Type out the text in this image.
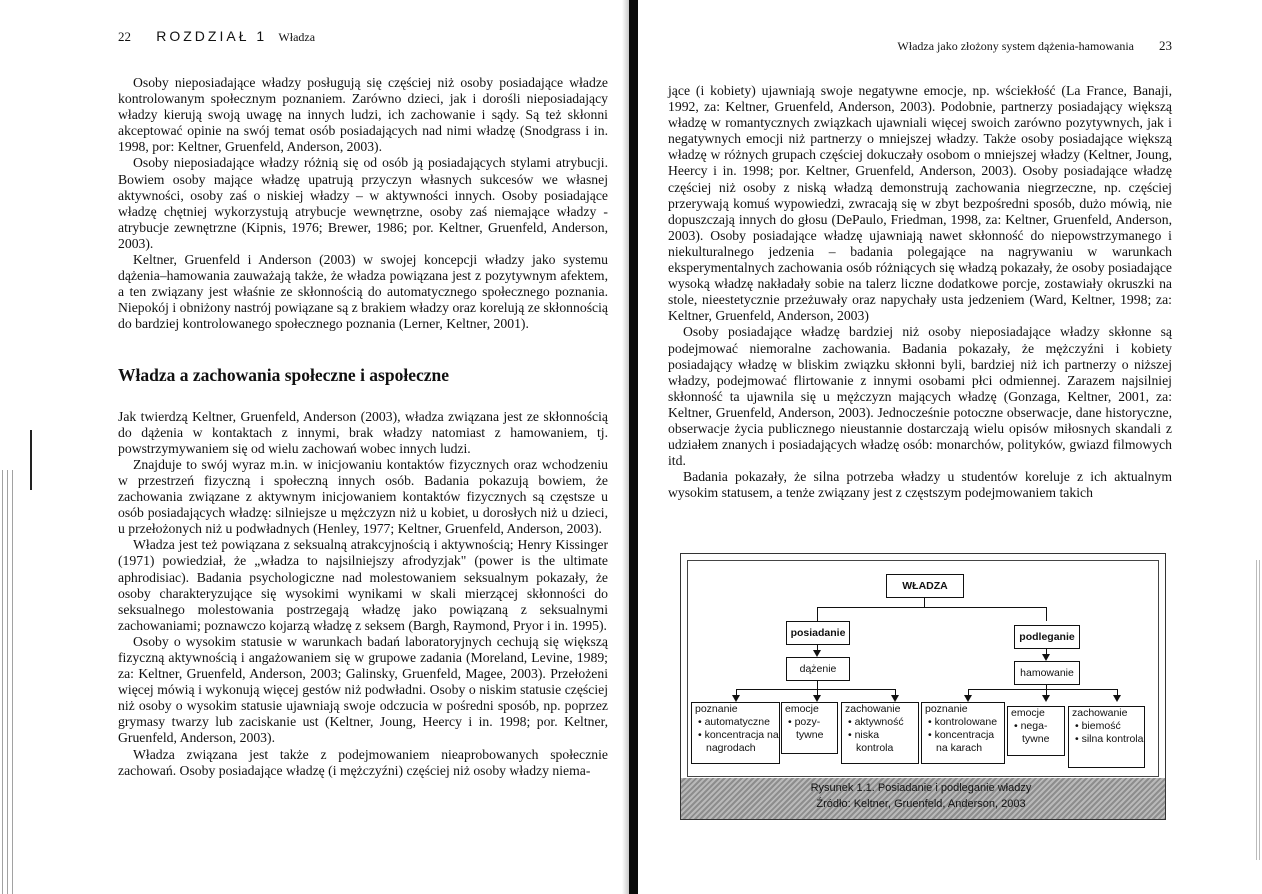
22 ROZDZIAŁ 1 Władza
Władza jako złożony system dążenia-hamowania 23

Osoby nieposiadające władzy posługują się częściej niż osoby posiadające władze kontrolowanym społecznym poznaniem. Zarówno dzieci, jak i dorośli nieposiadający władzy kierują swoją uwagę na innych ludzi, ich zachowanie i sądy. Są też skłonni akceptować opinie na swój temat osób posiadających nad nimi władzę (Snodgrass i in. 1998, por: Keltner, Gruenfeld, Anderson, 2003).

Osoby nieposiadające władzy różnią się od osób ją posiadających stylami atrybucji. Bowiem osoby mające władzę upatrują przyczyn własnych sukcesów we własnej aktywności, osoby zaś o niskiej władzy – w aktywności innych. Osoby posiadające władzę chętniej wykorzystują atrybucje wewnętrzne, osoby zaś niemające władzy - atrybucje zewnętrzne (Kipnis, 1976; Brewer, 1986; por. Keltner, Gruenfeld, Anderson, 2003).

Keltner, Gruenfeld i Anderson (2003) w swojej koncepcji władzy jako systemu dążenia–hamowania zauważają także, że władza powiązana jest z pozytywnym afektem, a ten związany jest właśnie ze skłonnością do automatycznego społecznego poznania. Niepokój i obniżony nastrój powiązane są z brakiem władzy oraz korelują ze skłonnością do bardziej kontrolowanego społecznego poznania (Lerner, Keltner, 2001).

Władza a zachowania społeczne i aspołeczne

Jak twierdzą Keltner, Gruenfeld, Anderson (2003), władza związana jest ze skłonnością do dążenia w kontaktach z innymi, brak władzy natomiast z hamowaniem, tj. powstrzymywaniem się od wielu zachowań wobec innych ludzi.

Znajduje to swój wyraz m.in. w inicjowaniu kontaktów fizycznych oraz wchodzeniu w przestrzeń fizyczną i społeczną innych osób. Badania pokazują bowiem, że zachowania związane z aktywnym inicjowaniem kontaktów fizycznych są częstsze u osób posiadających władzę: silniejsze u mężczyzn niż u kobiet, u dorosłych niż u dzieci, u przełożonych niż u podwładnych (Henley, 1977; Keltner, Gruenfeld, Anderson, 2003).

Władza jest też powiązana z seksualną atrakcyjnością i aktywnością; Henry Kissinger (1971) powiedział, że „władza to najsilniejszy afrodyzjak" (power is the ultimate aphrodisiac). Badania psychologiczne nad molestowaniem seksualnym pokazały, że osoby charakteryzujące się wysokimi wynikami w skali mierzącej skłonności do seksualnego molestowania postrzegają władzę jako powiązaną z seksualnymi zachowaniami; poznawczo kojarzą władzę z seksem (Bargh, Raymond, Pryor i in. 1995).

Osoby o wysokim statusie w warunkach badań laboratoryjnych cechują się większą fizyczną aktywnością i angażowaniem się w grupowe zadania (Moreland, Levine, 1989; za: Keltner, Gruenfeld, Anderson, 2003; Galinsky, Gruenfeld, Magee, 2003). Przełożeni więcej mówią i wykonują więcej gestów niż podwładni. Osoby o niskim statusie częściej niż osoby o wysokim statusie ujawniają swoje odczucia w pośredni sposób, np. poprzez grymasy twarzy lub zaciskanie ust (Keltner, Joung, Heercy i in. 1998; por. Keltner, Gruenfeld, Anderson, 2003).

Władza związana jest także z podejmowaniem nieaprobowanych społecznie zachowań. Osoby posiadające władzę (i mężczyźni) częściej niż osoby władzy niema-

jące (i kobiety) ujawniają swoje negatywne emocje, np. wściekłość (La France, Banaji, 1992, za: Keltner, Gruenfeld, Anderson, 2003). Podobnie, partnerzy posiadający większą władzę w romantycznych związkach ujawniali więcej swoich zarówno pozytywnych, jak i negatywnych emocji niż partnerzy o mniejszej władzy. Także osoby posiadające większą władzę w różnych grupach częściej dokuczały osobom o mniejszej władzy (Keltner, Joung, Heercy i in. 1998; por. Keltner, Gruenfeld, Anderson, 2003). Osoby posiadające władzę częściej niż osoby z niską władzą demonstrują zachowania niegrzeczne, np. częściej przerywają komuś wypowiedzi, zwracają się w zbyt bezpośredni sposób, dużo mówią, nie dopuszczają innych do głosu (DePaulo, Friedman, 1998, za: Keltner, Gruenfeld, Anderson, 2003). Osoby posiadające władzę ujawniają nawet skłonność do niepowstrzymanego i niekulturalnego jedzenia – badania polegające na nagrywaniu w warunkach eksperymentalnych zachowania osób różniących się władzą pokazały, że osoby posiadające wysoką władzę nakładały sobie na talerz liczne dodatkowe porcje, zostawiały okruszki na stole, nieestetycznie przeżuwały oraz napychały usta jedzeniem (Ward, Keltner, 1998; za: Keltner, Gruenfeld, Anderson, 2003)

Osoby posiadające władzę bardziej niż osoby nieposiadające władzy skłonne są podejmować niemoralne zachowania. Badania pokazały, że mężczyźni i kobiety posiadający władzę w bliskim związku skłonni byli, bardziej niż ich partnerzy o niższej władzy, podejmować flirtowanie z innymi osobami płci odmiennej. Zarazem najsilniej skłonność ta ujawnila się u mężczyzn mających władzę (Gonzaga, Keltner, 2001, za: Keltner, Gruenfeld, Anderson, 2003). Jednocześnie potoczne obserwacje, dane historyczne, obserwacje życia publicznego nieustannie dostarczają wielu opisów miłosnych skandali z udziałem znanych i posiadających władzę osób: monarchów, polityków, gwiazd filmowych itd.

Badania pokazały, że silna potrzeba władzy u studentów koreluje z ich aktualnym wysokim statusem, a tenże związany jest z częstszym podejmowaniem takich

WŁADZA
posiadanie	podleganie
dążenie	hamowanie
poznanie
• automatyczne
• koncentracja na nagrodach
emocje
• pozy- tywne
zachowanie
• aktywność
• niska kontrola
poznanie
• kontrolowane
• koncentracja na karach
emocje
• nega- tywne
zachowanie
• biemość
• silna kontrola
Rysunek 1.1. Posiadanie i podleganie władzy
Źródło: Keltner, Gruenfeld, Anderson, 2003
